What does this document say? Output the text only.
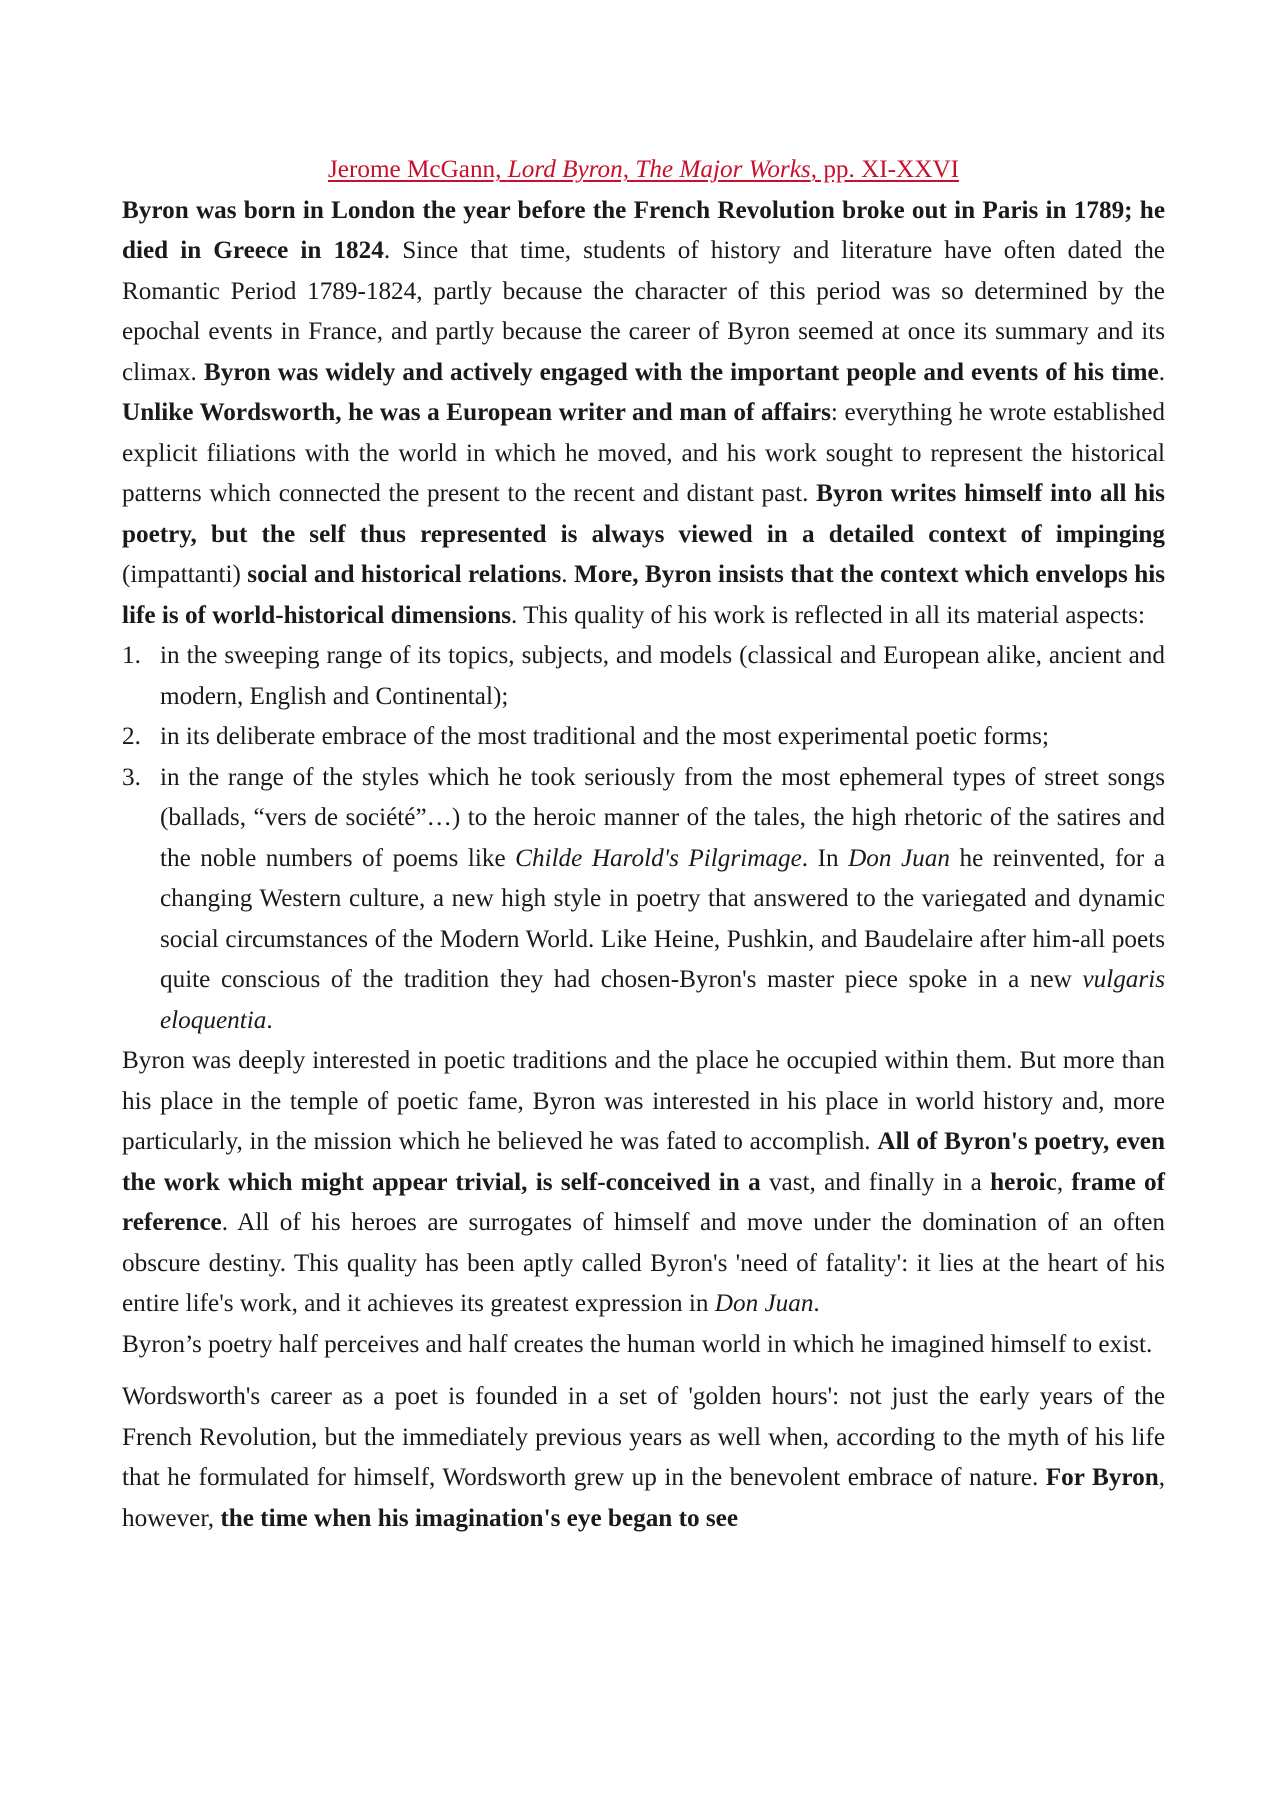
Jerome McGann, Lord Byron, The Major Works, pp. XI-XXVI

Byron was born in London the year before the French Revolution broke out in Paris in 1789; he died in Greece in 1824. Since that time, students of history and literature have often dated the Romantic Period 1789-1824, partly because the character of this period was so determined by the epochal events in France, and partly because the career of Byron seemed at once its summary and its climax. Byron was widely and actively engaged with the important people and events of his time. Unlike Wordsworth, he was a European writer and man of affairs: everything he wrote established explicit filiations with the world in which he moved, and his work sought to represent the historical patterns which connected the present to the recent and distant past. Byron writes himself into all his poetry, but the self thus represented is always viewed in a detailed context of impinging (impattanti) social and historical relations. More, Byron insists that the context which envelops his life is of world-historical dimensions. This quality of his work is reflected in all its material aspects:

1. in the sweeping range of its topics, subjects, and models (classical and European alike, ancient and modern, English and Continental);
2. in its deliberate embrace of the most traditional and the most experimental poetic forms;
3. in the range of the styles which he took seriously from the most ephemeral types of street songs (ballads, “vers de société”…) to the heroic manner of the tales, the high rhetoric of the satires and the noble numbers of poems like Childe Harold's Pilgrimage. In Don Juan he reinvented, for a changing Western culture, a new high style in poetry that answered to the variegated and dynamic social circumstances of the Modern World. Like Heine, Pushkin, and Baudelaire after him-all poets quite conscious of the tradition they had chosen-Byron's master piece spoke in a new vulgaris eloquentia.

Byron was deeply interested in poetic traditions and the place he occupied within them. But more than his place in the temple of poetic fame, Byron was interested in his place in world history and, more particularly, in the mission which he believed he was fated to accomplish. All of Byron's poetry, even the work which might appear trivial, is self-conceived in a vast, and finally in a heroic, frame of reference. All of his heroes are surrogates of himself and move under the domination of an often obscure destiny. This quality has been aptly called Byron's 'need of fatality': it lies at the heart of his entire life's work, and it achieves its greatest expression in Don Juan.

Byron’s poetry half perceives and half creates the human world in which he imagined himself to exist.

Wordsworth's career as a poet is founded in a set of 'golden hours': not just the early years of the French Revolution, but the immediately previous years as well when, according to the myth of his life that he formulated for himself, Wordsworth grew up in the benevolent embrace of nature. For Byron, however, the time when his imagination's eye began to see
